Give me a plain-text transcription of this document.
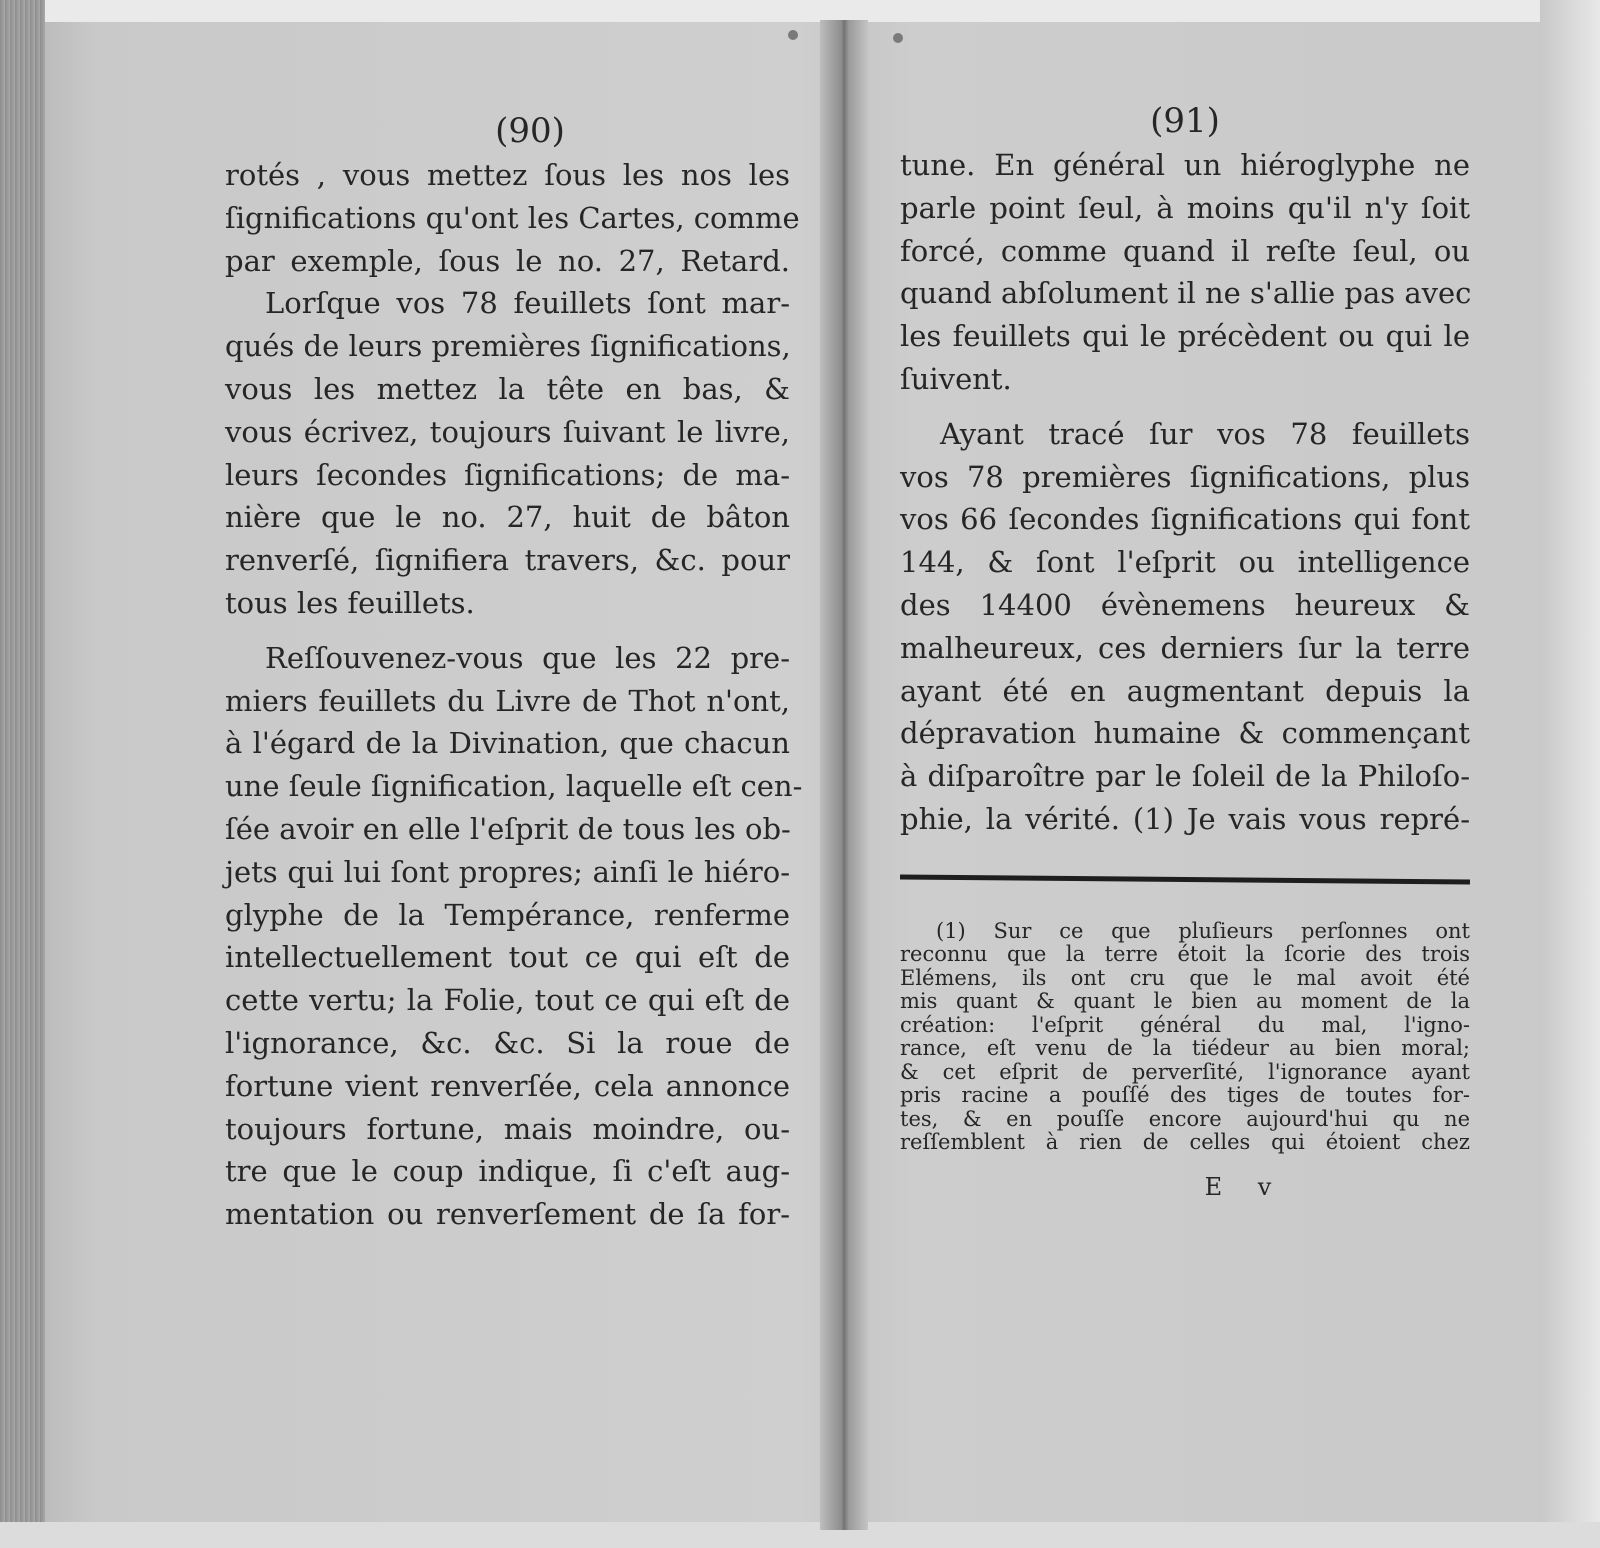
(90)
rotés , vous mettez ſous les nos les
ſignifications qu'ont les Cartes, comme
par exemple, ſous le no. 27, Retard.
Lorſque vos 78 feuillets ſont mar-
qués de leurs premières ſignifications,
vous les mettez la tête en bas, &
vous écrivez, toujours ſuivant le livre,
leurs ſecondes ſignifications; de ma-
nière que le no. 27, huit de bâton
renverſé, ſignifiera travers, &c. pour
tous les feuillets.
Reſſouvenez-vous que les 22 pre-
miers feuillets du Livre de Thot n'ont,
à l'égard de la Divination, que chacun
une ſeule ſignification, laquelle eſt cen-
ſée avoir en elle l'eſprit de tous les ob-
jets qui lui ſont propres; ainſi le hiéro-
glyphe de la Tempérance, renferme
intellectuellement tout ce qui eſt de
cette vertu; la Folie, tout ce qui eſt de
l'ignorance, &c. &c. Si la roue de
fortune vient renverſée, cela annonce
toujours fortune, mais moindre, ou-
tre que le coup indique, ſi c'eſt aug-
mentation ou renverſement de ſa for-
(91)
tune. En général un hiéroglyphe ne
parle point ſeul, à moins qu'il n'y ſoit
forcé, comme quand il reſte ſeul, ou
quand abſolument il ne s'allie pas avec
les feuillets qui le précèdent ou qui le
ſuivent.
Ayant tracé ſur vos 78 feuillets
vos 78 premières ſignifications, plus
vos 66 ſecondes ſignifications qui font
144, & ſont l'eſprit ou intelligence
des 14400 évènemens heureux &
malheureux, ces derniers ſur la terre
ayant été en augmentant depuis la
dépravation humaine & commençant
à diſparoître par le ſoleil de la Philoſo-
phie, la vérité. (1) Je vais vous repré-
(1) Sur ce que pluſieurs perſonnes ont
reconnu que la terre étoit la ſcorie des trois
Elémens, ils ont cru que le mal avoit été
mis quant & quant le bien au moment de la
création: l'eſprit général du mal, l'igno-
rance, eſt venu de la tiédeur au bien moral;
& cet eſprit de perverſité, l'ignorance ayant
pris racine a pouſſé des tiges de toutes for-
tes, & en pouſſe encore aujourd'hui qu ne
reſſemblent à rien de celles qui étoient chez
E v
